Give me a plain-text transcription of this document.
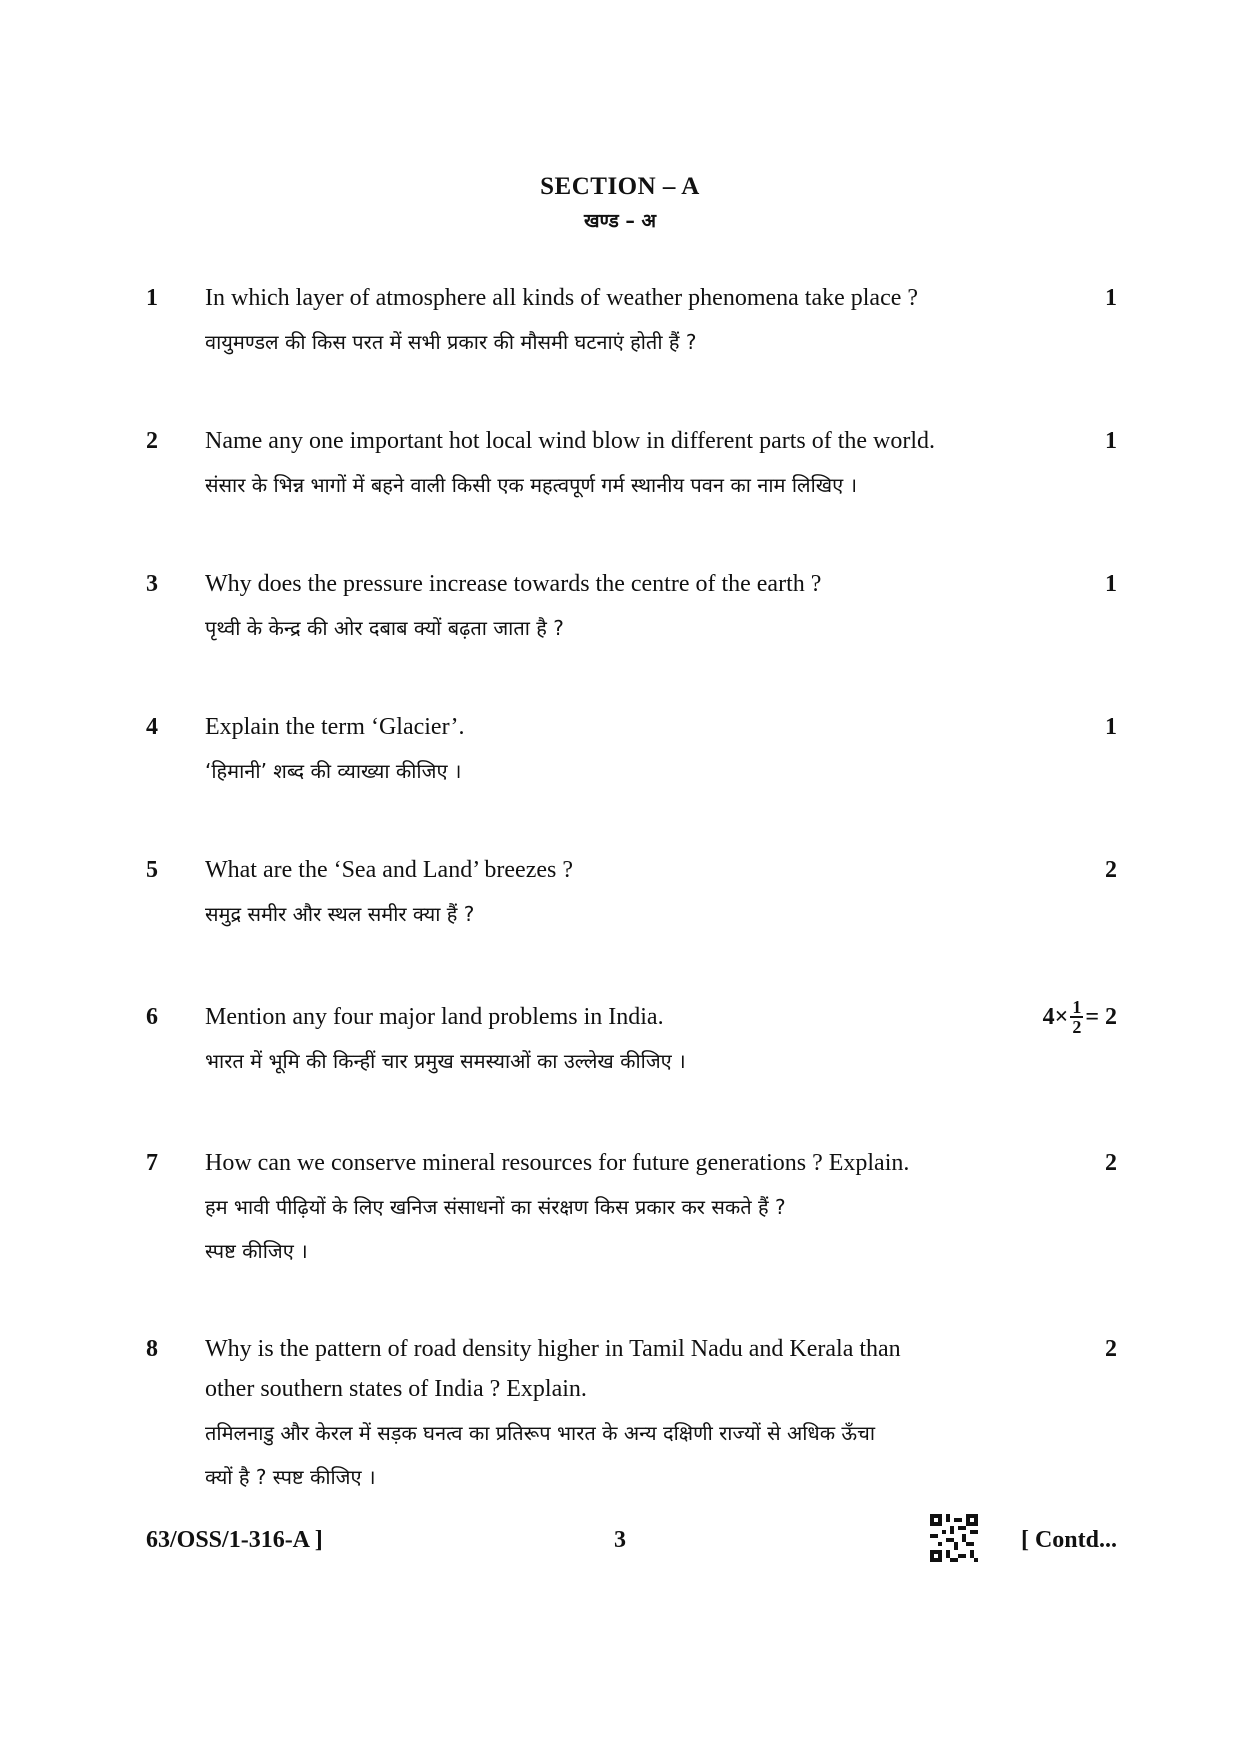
SECTION – A
खण्ड – अ
1 In which layer of atmosphere all kinds of weather phenomena take place ?
वायुमण्डल की किस परत में सभी प्रकार की मौसमी घटनाएं होती हैं ?
1
2 Name any one important hot local wind blow in different parts of the world.
संसार के भिन्न भागों में बहने वाली किसी एक महत्वपूर्ण गर्म स्थानीय पवन का नाम लिखिए ।
1
3 Why does the pressure increase towards the centre of the earth ?
पृथ्वी के केन्द्र की ओर दबाब क्यों बढ़ता जाता है ?
1
4 Explain the term ‘Glacier’.
‘हिमानी’ शब्द की व्याख्या कीजिए ।
1
5 What are the ‘Sea and Land’ breezes ?
समुद्र समीर और स्थल समीर क्या हैं ?
2
6 Mention any four major land problems in India.
भारत में भूमि की किन्हीं चार प्रमुख समस्याओं का उल्लेख कीजिए ।
$4\times \frac{1}{2} = 2$
7 How can we conserve mineral resources for future generations ? Explain.
हम भावी पीढ़ियों के लिए खनिज संसाधनों का संरक्षण किस प्रकार कर सकते हैं ?
स्पष्ट कीजिए ।
2
8 Why is the pattern of road density higher in Tamil Nadu and Kerala than
other southern states of India ? Explain.
तमिलनाडु और केरल में सड़क घनत्व का प्रतिरूप भारत के अन्य दक्षिणी राज्यों से अधिक ऊँचा
क्यों है ? स्पष्ट कीजिए ।
2
63/OSS/1-316-A ]	3	[ Contd...
